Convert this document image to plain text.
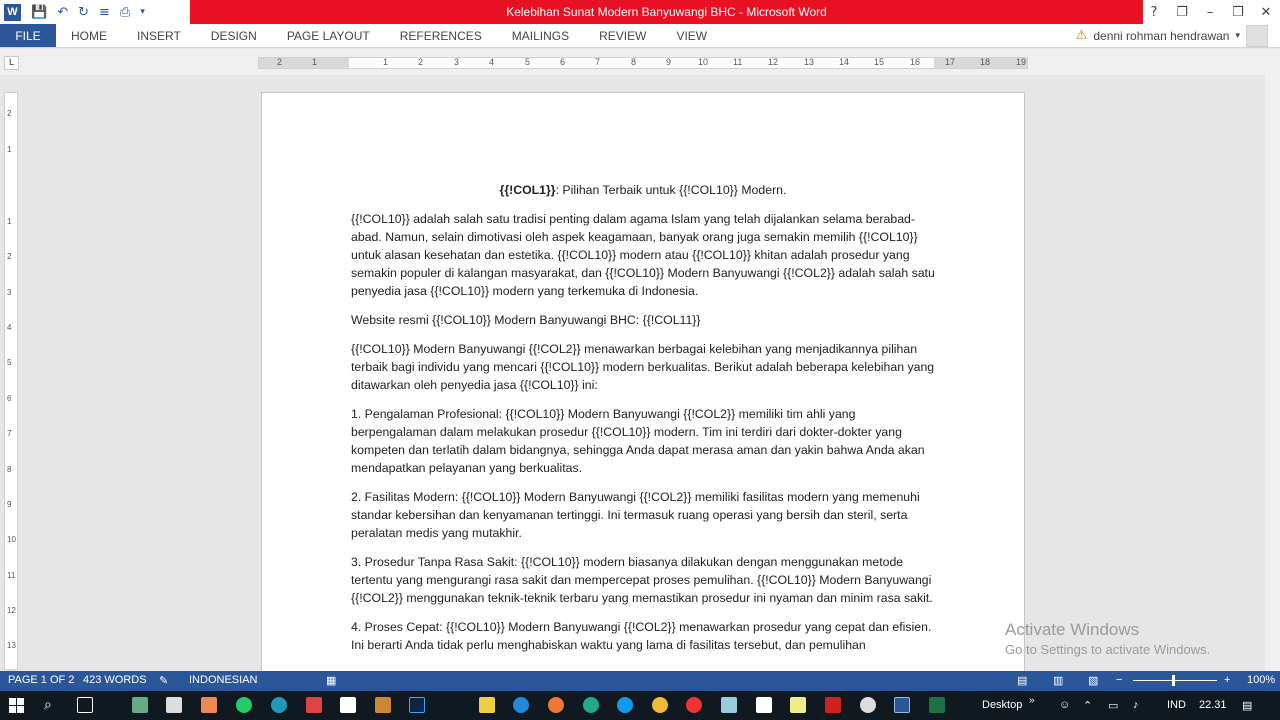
W 💾 ↶ ↻ ≡ ⎙ ▾	Kelebihan Sunat Modern Banyuwangi BHC - Microsoft Word	?	❐	–	❒	✕
FILE	HOME	INSERT	DESIGN	PAGE LAYOUT	REFERENCES	MAILINGS	REVIEW	VIEW	⚠ denni rohman hendrawan ▾
2	1	1	2	3	4	5	6	7	8	9	10	11	12	13	14	15	16	17	18	19
L
{{!COL1}}: Pilihan Terbaik untuk {{!COL10}} Modern.

{{!COL10}} adalah salah satu tradisi penting dalam agama Islam yang telah dijalankan selama berabad-abad. Namun, selain dimotivasi oleh aspek keagamaan, banyak orang juga semakin memilih {{!COL10}} untuk alasan kesehatan dan estetika. {{!COL10}} modern atau {{!COL10}} khitan adalah prosedur yang semakin populer di kalangan masyarakat, dan {{!COL10}} Modern Banyuwangi {{!COL2}} adalah salah satu penyedia jasa {{!COL10}} modern yang terkemuka di Indonesia.

Website resmi {{!COL10}} Modern Banyuwangi BHC: {{!COL11}}

{{!COL10}} Modern Banyuwangi {{!COL2}} menawarkan berbagai kelebihan yang menjadikannya pilihan terbaik bagi individu yang mencari {{!COL10}} modern berkualitas. Berikut adalah beberapa kelebihan yang ditawarkan oleh penyedia jasa {{!COL10}} ini:

1. Pengalaman Profesional: {{!COL10}} Modern Banyuwangi {{!COL2}} memiliki tim ahli yang berpengalaman dalam melakukan prosedur {{!COL10}} modern. Tim ini terdiri dari dokter-dokter yang kompeten dan terlatih dalam bidangnya, sehingga Anda dapat merasa aman dan yakin bahwa Anda akan mendapatkan pelayanan yang berkualitas.

2. Fasilitas Modern: {{!COL10}} Modern Banyuwangi {{!COL2}} memiliki fasilitas modern yang memenuhi standar kebersihan dan kenyamanan tertinggi. Ini termasuk ruang operasi yang bersih dan steril, serta peralatan medis yang mutakhir.

3. Prosedur Tanpa Rasa Sakit: {{!COL10}} modern biasanya dilakukan dengan menggunakan metode tertentu yang mengurangi rasa sakit dan mempercepat proses pemulihan. {{!COL10}} Modern Banyuwangi {{!COL2}} menggunakan teknik-teknik terbaru yang memastikan prosedur ini nyaman dan minim rasa sakit.

4. Proses Cepat: {{!COL10}} Modern Banyuwangi {{!COL2}} menawarkan prosedur yang cepat dan efisien. Ini berarti Anda tidak perlu menghabiskan waktu yang lama di fasilitas tersebut, dan pemulihan

2
1
1
2
3
4
5
6
7
8
9
10
11
12
13
Activate Windows
Go to Settings to activate Windows.
PAGE 1 OF 2 423 WORDS ✎ INDONESIAN	▦	▤ ▥ ▧ −	+ 100%
⌕	Desktop » ☺ ⌃ ▭ ♪	IND 22.31 ▤
